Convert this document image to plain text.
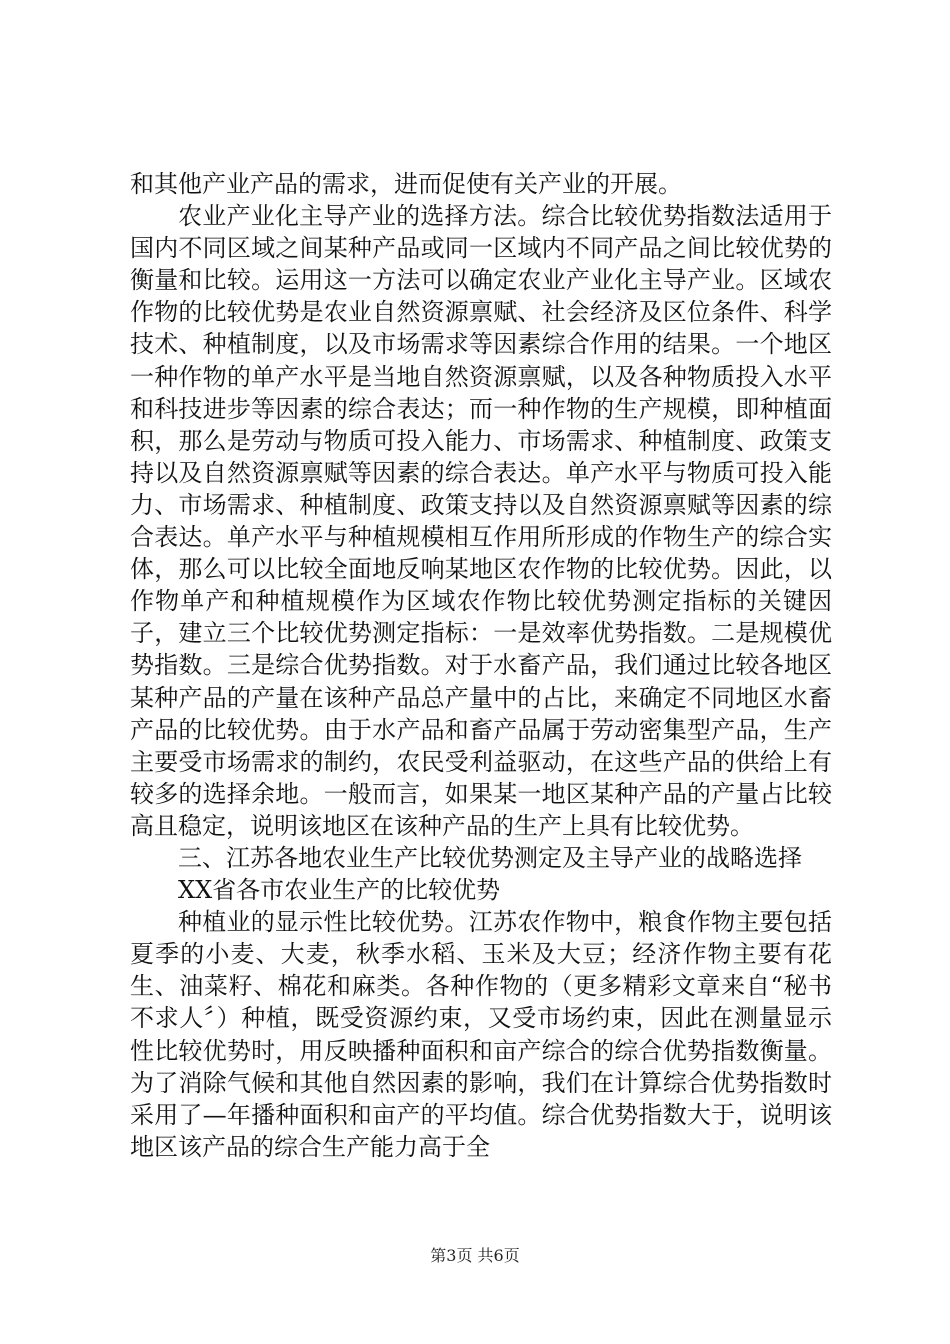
和其他产业产品的需求，进而促使有关产业的开展。

农业产业化主导产业的选择方法。综合比较优势指数法适用于国内不同区域之间某种产品或同一区域内不同产品之间比较优势的衡量和比较。运用这一方法可以确定农业产业化主导产业。区域农作物的比较优势是农业自然资源禀赋、社会经济及区位条件、科学技术、种植制度，以及市场需求等因素综合作用的结果。一个地区一种作物的单产水平是当地自然资源禀赋，以及各种物质投入水平和科技进步等因素的综合表达；而一种作物的生产规模，即种植面积，那么是劳动与物质可投入能力、市场需求、种植制度、政策支持以及自然资源禀赋等因素的综合表达。单产水平与物质可投入能力、市场需求、种植制度、政策支持以及自然资源禀赋等因素的综合表达。单产水平与种植规模相互作用所形成的作物生产的综合实体，那么可以比较全面地反响某地区农作物的比较优势。因此，以作物单产和种植规模作为区域农作物比较优势测定指标的关键因子，建立三个比较优势测定指标：一是效率优势指数。二是规模优势指数。三是综合优势指数。对于水畜产品，我们通过比较各地区某种产品的产量在该种产品总产量中的占比，来确定不同地区水畜产品的比较优势。由于水产品和畜产品属于劳动密集型产品，生产主要受市场需求的制约，农民受利益驱动，在这些产品的供给上有较多的选择余地。一般而言，如果某一地区某种产品的产量占比较高且稳定，说明该地区在该种产品的生产上具有比较优势。

三、江苏各地农业生产比较优势测定及主导产业的战略选择

XX省各市农业生产的比较优势

种植业的显示性比较优势。江苏农作物中，粮食作物主要包括夏季的小麦、大麦，秋季水稻、玉米及大豆；经济作物主要有花生、油菜籽、棉花和麻类。各种作物的（更多精彩文章来自“秘书不求人〞）种植，既受资源约束，又受市场约束，因此在测量显示性比较优势时，用反映播种面积和亩产综合的综合优势指数衡量。为了消除气候和其他自然因素的影响，我们在计算综合优势指数时采用了—年播种面积和亩产的平均值。综合优势指数大于，说明该地区该产品的综合生产能力高于全

第3页 共6页
